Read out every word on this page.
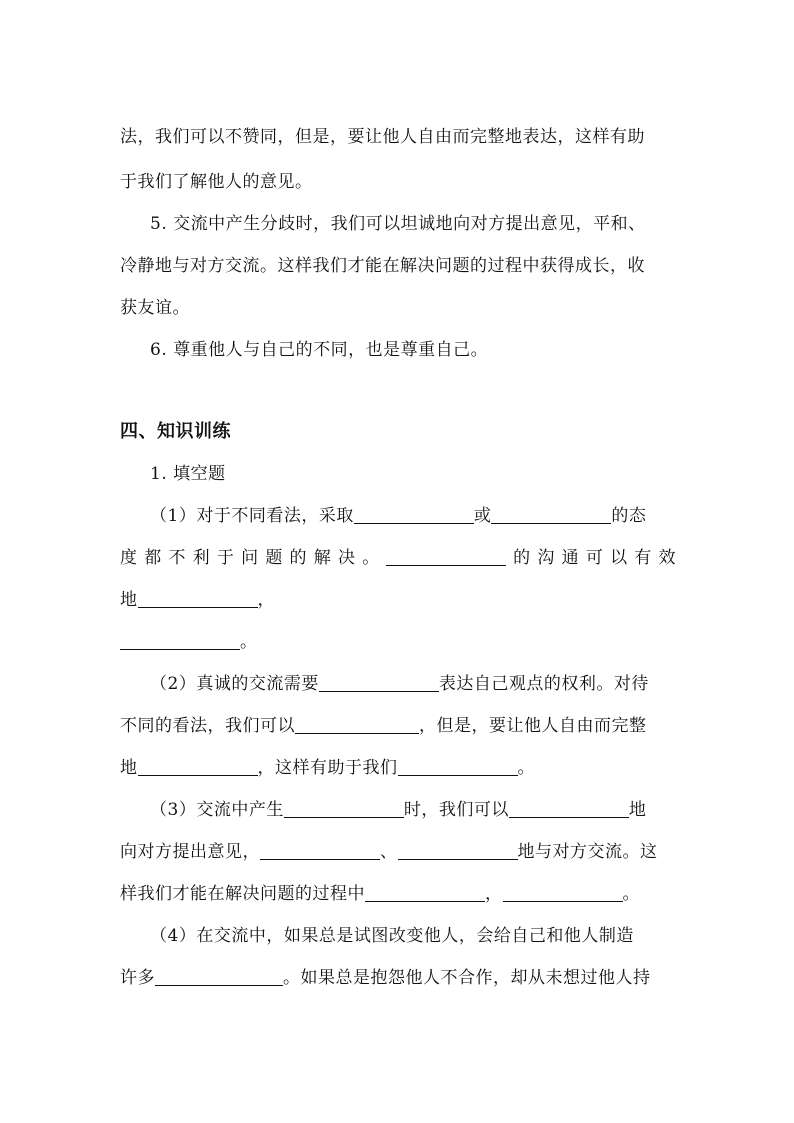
法，我们可以不赞同，但是，要让他人自由而完整地表达，这样有助
于我们了解他人的意见。
5. 交流中产生分歧时，我们可以坦诚地向对方提出意见，平和、
冷静地与对方交流。这样我们才能在解决问题的过程中获得成长，收
获友谊。
6. 尊重他人与自己的不同，也是尊重自己。
四、知识训练
1. 填空题
（1）对于不同看法，采取	或	的态
度都不利于问题的解决。	的沟通可以有效
地	，
。
（2）真诚的交流需要	表达自己观点的权利。对待
不同的看法，我们可以	，但是，要让他人自由而完整
地	，这样有助于我们	。
（3）交流中产生	时，我们可以	地
向对方提出意见，	、	地与对方交流。这
样我们才能在解决问题的过程中	，	。
（4）在交流中，如果总是试图改变他人，会给自己和他人制造
许多	。如果总是抱怨他人不合作，却从未想过他人持
